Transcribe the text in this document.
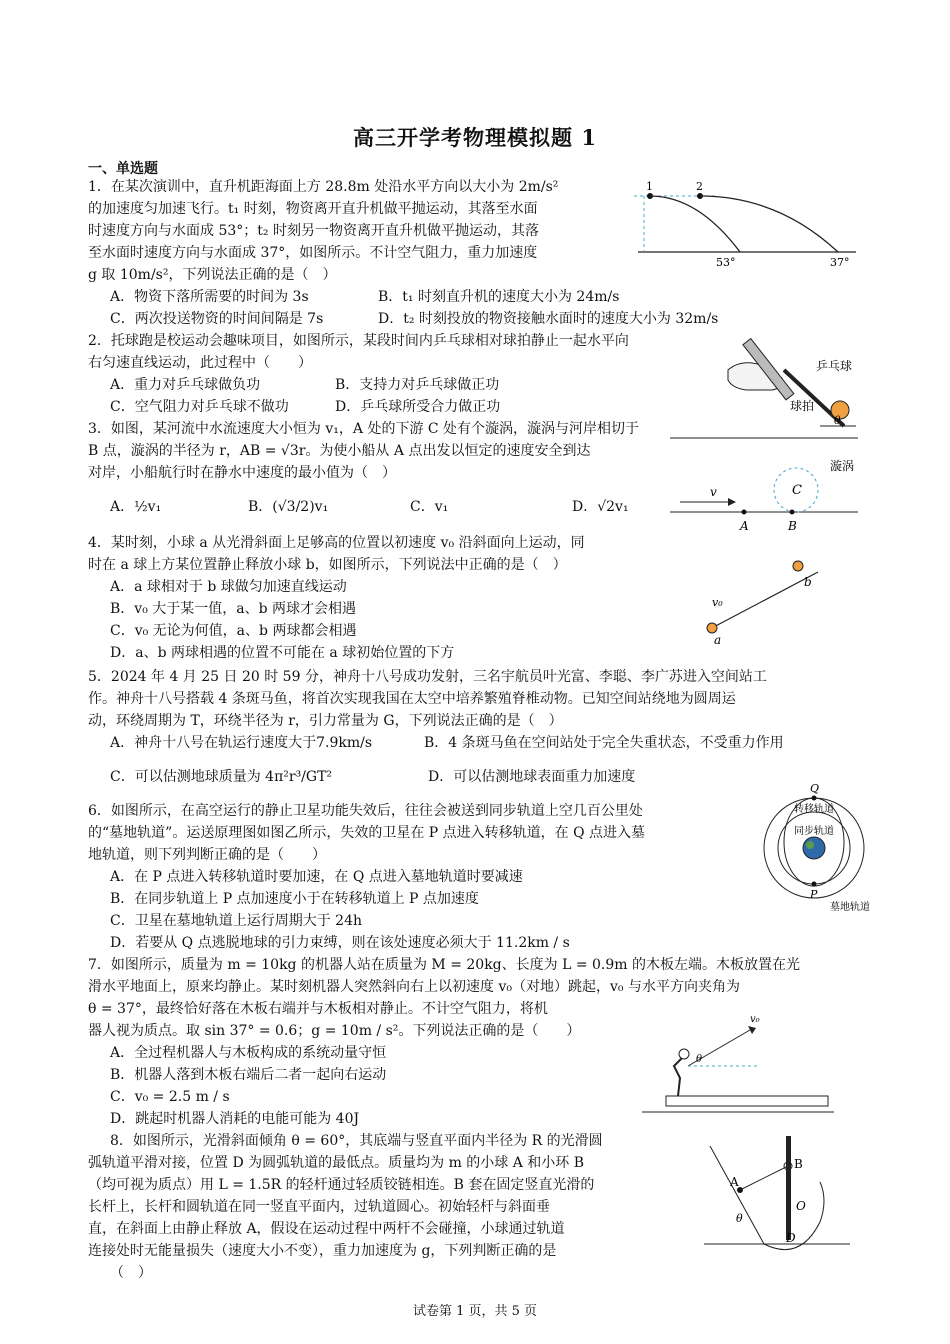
高三开学考物理模拟题 1
一、单选题
1．在某次演训中，直升机距海面上方 28.8m 处沿水平方向以大小为 2m/s²
的加速度匀加速飞行。t₁ 时刻，物资离开直升机做平抛运动，其落至水面
时速度方向与水面成 53°；t₂ 时刻另一物资离开直升机做平抛运动，其落
至水面时速度方向与水面成 37°，如图所示。不计空气阻力，重力加速度
g 取 10m/s²，下列说法正确的是（　）
A．物资下落所需要的时间为 3s	B．t₁ 时刻直升机的速度大小为 24m/s
C．两次投送物资的时间间隔是 7s	D．t₂ 时刻投放的物资接触水面时的速度大小为 32m/s
1	2
53°	37°
2．托球跑是校运动会趣味项目，如图所示，某段时间内乒乓球相对球拍静止一起水平向
右匀速直线运动，此过程中（　　）
A．重力对乒乓球做负功	B．支持力对乒乓球做正功
C．空气阻力对乒乓球不做功	D．乒乓球所受合力做正功
乒乓球
球拍
θ
3．如图，某河流中水流速度大小恒为 v₁，A 处的下游 C 处有个漩涡，漩涡与河岸相切于
B 点，漩涡的半径为 r，AB = √3r。为使小船从 A 点出发以恒定的速度安全到达
对岸，小船航行时在静水中速度的最小值为（　）
A．½v₁	B．(√3/2)v₁	C．v₁	D．√2v₁
v
A	B
C
漩涡
4．某时刻，小球 a 从光滑斜面上足够高的位置以初速度 v₀ 沿斜面向上运动，同
时在 a 球上方某位置静止释放小球 b，如图所示，下列说法中正确的是（　）
A．a 球相对于 b 球做匀加速直线运动
B．v₀ 大于某一值，a、b 两球才会相遇
C．v₀ 无论为何值，a、b 两球都会相遇
D．a、b 两球相遇的位置不可能在 a 球初始位置的下方
v₀
a
b
5．2024 年 4 月 25 日 20 时 59 分，神舟十八号成功发射，三名宇航员叶光富、李聪、李广苏进入空间站工
作。神舟十八号搭载 4 条斑马鱼，将首次实现我国在太空中培养繁殖脊椎动物。已知空间站绕地为圆周运
动，环绕周期为 T，环绕半径为 r，引力常量为 G，下列说法正确的是（　）
A．神舟十八号在轨运行速度大于7.9km/s	B．4 条斑马鱼在空间站处于完全失重状态，不受重力作用
C．可以估测地球质量为 4π²r³/GT²	D．可以估测地球表面重力加速度
6．如图所示，在高空运行的静止卫星功能失效后，往往会被送到同步轨道上空几百公里处
的“墓地轨道”。运送原理图如图乙所示，失效的卫星在 P 点进入转移轨道，在 Q 点进入墓
地轨道，则下列判断正确的是（　　）
A．在 P 点进入转移轨道时要加速，在 Q 点进入墓地轨道时要减速
B．在同步轨道上 P 点加速度小于在转移轨道上 P 点加速度
C．卫星在墓地轨道上运行周期大于 24h
D．若要从 Q 点逃脱地球的引力束缚，则在该处速度必须大于 11.2km / s
Q
P
转移轨道
同步轨道
墓地轨道
7．如图所示，质量为 m = 10kg 的机器人站在质量为 M = 20kg、长度为 L = 0.9m 的木板左端。木板放置在光
滑水平地面上，原来均静止。某时刻机器人突然斜向右上以初速度 v₀（对地）跳起，v₀ 与水平方向夹角为
θ = 37°，最终恰好落在木板右端并与木板相对静止。不计空气阻力，将机
器人视为质点。取 sin 37° = 0.6；g = 10m / s²。下列说法正确的是（　　）
A．全过程机器人与木板构成的系统动量守恒
B．机器人落到木板右端后二者一起向右运动
C．v₀ = 2.5 m / s
D．跳起时机器人消耗的电能可能为 40J
v₀
θ
8．如图所示，光滑斜面倾角 θ = 60°，其底端与竖直平面内半径为 R 的光滑圆
弧轨道平滑对接，位置 D 为圆弧轨道的最低点。质量均为 m 的小球 A 和小环 B
（均可视为质点）用 L = 1.5R 的轻杆通过轻质铰链相连。B 套在固定竖直光滑的
长杆上，长杆和圆轨道在同一竖直平面内，过轨道圆心。初始轻杆与斜面垂
直，在斜面上由静止释放 A，假设在运动过程中两杆不会碰撞，小球通过轨道
连接处时无能量损失（速度大小不变），重力加速度为 g，下列判断正确的是
（　）
A
B
O
D
θ
试卷第 1 页，共 5 页
